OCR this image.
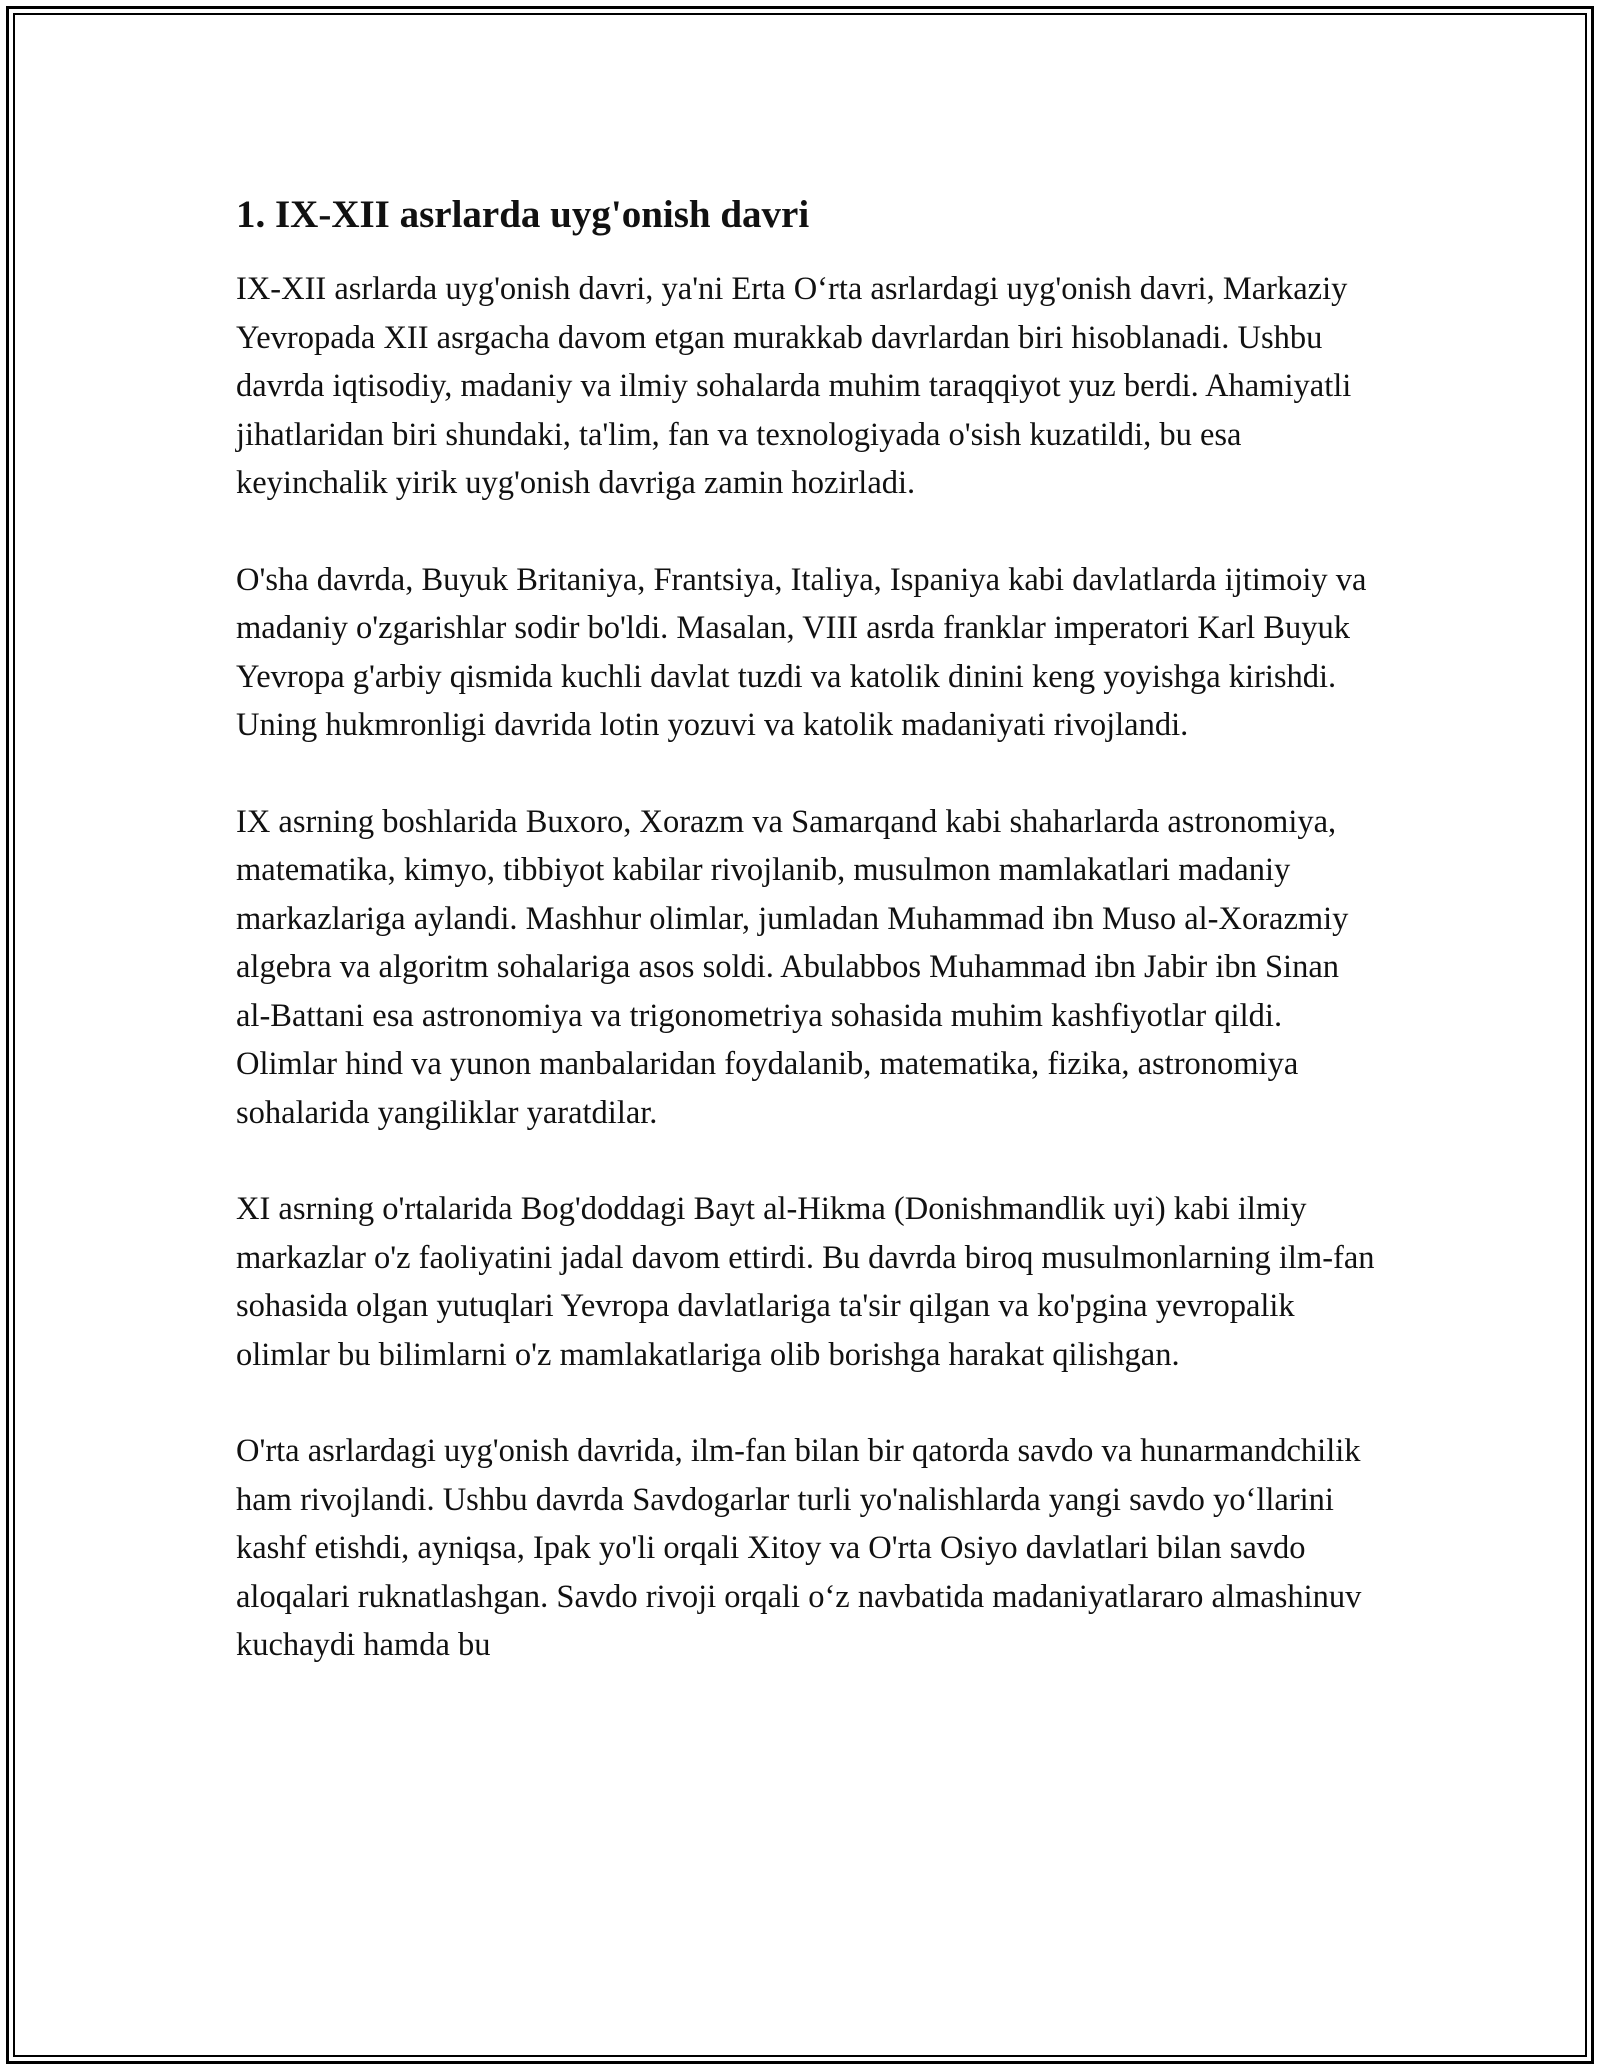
1. IX-XII asrlarda uyg'onish davri

IX-XII asrlarda uyg'onish davri, ya'ni Erta O‘rta asrlardagi uyg'onish davri, Markaziy Yevropada XII asrgacha davom etgan murakkab davrlardan biri hisoblanadi. Ushbu davrda iqtisodiy, madaniy va ilmiy sohalarda muhim taraqqiyot yuz berdi. Ahamiyatli jihatlaridan biri shundaki, ta'lim, fan va texnologiyada o'sish kuzatildi, bu esa keyinchalik yirik uyg'onish davriga zamin hozirladi.

O'sha davrda, Buyuk Britaniya, Frantsiya, Italiya, Ispaniya kabi davlatlarda ijtimoiy va madaniy o'zgarishlar sodir bo'ldi. Masalan, VIII asrda franklar imperatori Karl Buyuk Yevropa g'arbiy qismida kuchli davlat tuzdi va katolik dinini keng yoyishga kirishdi. Uning hukmronligi davrida lotin yozuvi va katolik madaniyati rivojlandi.

IX asrning boshlarida Buxoro, Xorazm va Samarqand kabi shaharlarda astronomiya, matematika, kimyo, tibbiyot kabilar rivojlanib, musulmon mamlakatlari madaniy markazlariga aylandi. Mashhur olimlar, jumladan Muhammad ibn Muso al-Xorazmiy algebra va algoritm sohalariga asos soldi. Abulabbos Muhammad ibn Jabir ibn Sinan al-Battani esa astronomiya va trigonometriya sohasida muhim kashfiyotlar qildi. Olimlar hind va yunon manbalaridan foydalanib, matematika, fizika, astronomiya sohalarida yangiliklar yaratdilar.

XI asrning o'rtalarida Bog'doddagi Bayt al-Hikma (Donishmandlik uyi) kabi ilmiy markazlar o'z faoliyatini jadal davom ettirdi. Bu davrda biroq musulmonlarning ilm-fan sohasida olgan yutuqlari Yevropa davlatlariga ta'sir qilgan va ko'pgina yevropalik olimlar bu bilimlarni o'z mamlakatlariga olib borishga harakat qilishgan.

O'rta asrlardagi uyg'onish davrida, ilm-fan bilan bir qatorda savdo va hunarmandchilik ham rivojlandi. Ushbu davrda Savdogarlar turli yo'nalishlarda yangi savdo yo‘llarini kashf etishdi, ayniqsa, Ipak yo'li orqali Xitoy va O'rta Osiyo davlatlari bilan savdo aloqalari ruknatlashgan. Savdo rivoji orqali o‘z navbatida madaniyatlararo almashinuv kuchaydi hamda bu
